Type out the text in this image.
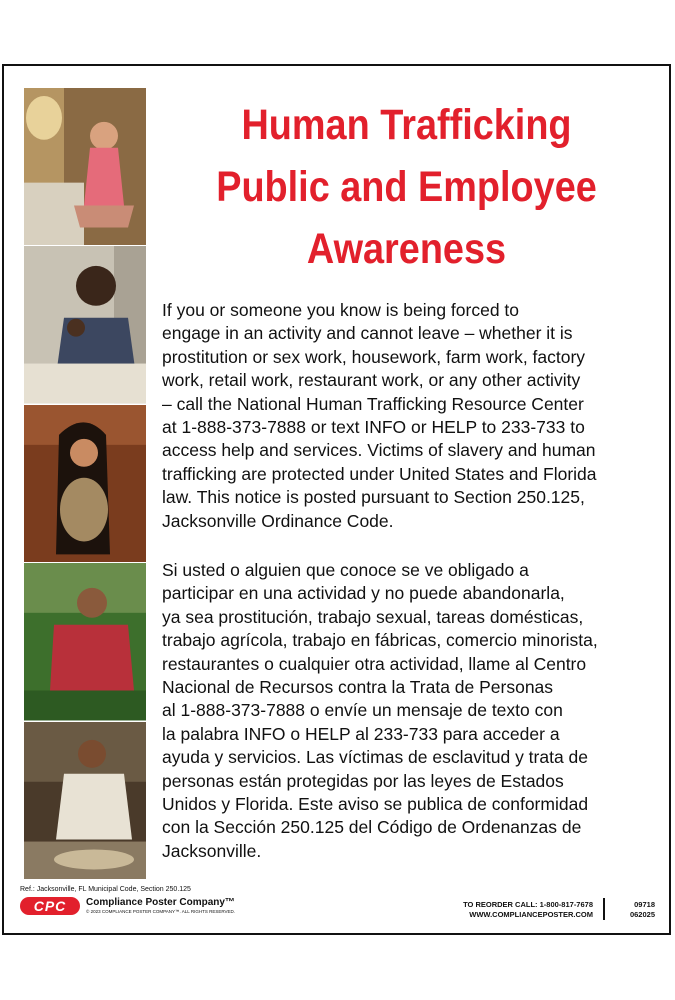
Human Trafficking
Public and Employee
Awareness

If you or someone you know is being forced to

engage in an activity and cannot leave – whether it is

prostitution or sex work, housework, farm work, factory

work, retail work, restaurant work, or any other activity

– call the National Human Trafficking Resource Center

at 1-888-373-7888 or text INFO or HELP to 233-733 to

access help and services. Victims of slavery and human

trafficking are protected under United States and Florida

law. This notice is posted pursuant to Section 250.125,

Jacksonville Ordinance Code.

Si usted o alguien que conoce se ve obligado a

participar en una actividad y no puede abandonarla,

ya sea prostitución, trabajo sexual, tareas domésticas,

trabajo agrícola, trabajo en fábricas, comercio minorista,

restaurantes o cualquier otra actividad, llame al Centro

Nacional de Recursos contra la Trata de Personas

al 1-888-373-7888 o envíe un mensaje de texto con

la palabra INFO o HELP al 233-733 para acceder a

ayuda y servicios. Las víctimas de esclavitud y trata de

personas están protegidas por las leyes de Estados

Unidos y Florida. Este aviso se publica de conformidad

con la Sección 250.125 del Código de Ordenanzas de

Jacksonville.

Ref.: Jacksonville, FL Municipal Code, Section 250.125
CPC	Compliance Poster Company™
© 2023 COMPLIANCE POSTER COMPANY™. ALL RIGHTS RESERVED.
TO REORDER CALL: 1-800-817-7678
WWW.COMPLIANCEPOSTER.COM
09718
062025
